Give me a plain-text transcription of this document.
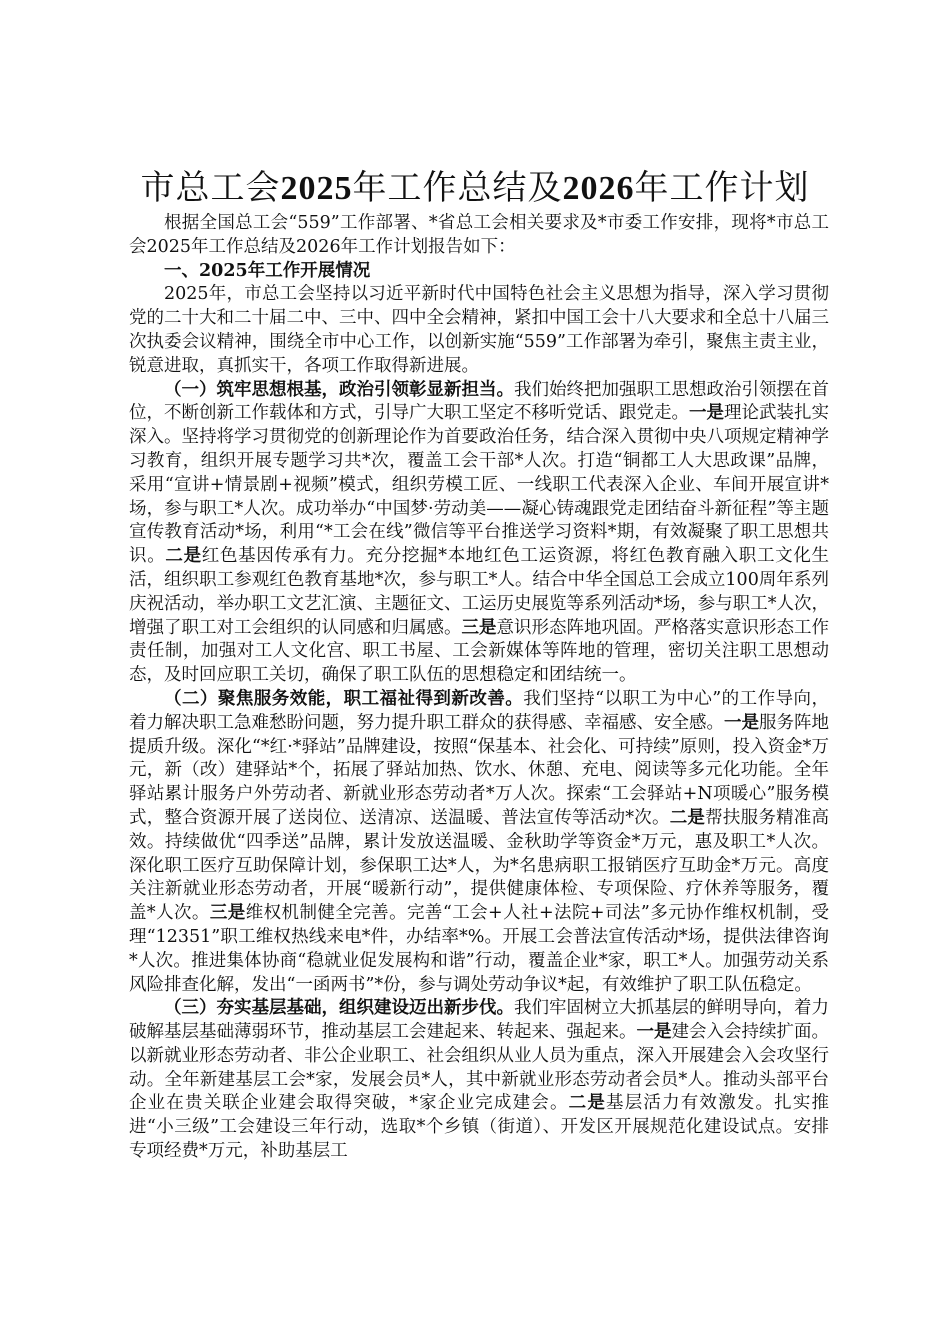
市总工会2025年工作总结及2026年工作计划

根据全国总工会“559”工作部署、*省总工会相关要求及*市委工作安排，现将*市总工会2025年工作总结及2026年工作计划报告如下：

一、2025年工作开展情况

2025年，市总工会坚持以习近平新时代中国特色社会主义思想为指导，深入学习贯彻党的二十大和二十届二中、三中、四中全会精神，紧扣中国工会十八大要求和全总十八届三次执委会议精神，围绕全市中心工作，以创新实施“559”工作部署为牵引，聚焦主责主业，锐意进取，真抓实干，各项工作取得新进展。

（一）筑牢思想根基，政治引领彰显新担当。我们始终把加强职工思想政治引领摆在首位，不断创新工作载体和方式，引导广大职工坚定不移听党话、跟党走。一是理论武装扎实深入。坚持将学习贯彻党的创新理论作为首要政治任务，结合深入贯彻中央八项规定精神学习教育，组织开展专题学习共*次，覆盖工会干部*人次。打造“铜都工人大思政课”品牌，采用“宣讲+情景剧+视频”模式，组织劳模工匠、一线职工代表深入企业、车间开展宣讲*场，参与职工*人次。成功举办“中国梦·劳动美——凝心铸魂跟党走团结奋斗新征程”等主题宣传教育活动*场，利用“*工会在线”微信等平台推送学习资料*期，有效凝聚了职工思想共识。二是红色基因传承有力。充分挖掘*本地红色工运资源，将红色教育融入职工文化生活，组织职工参观红色教育基地*次，参与职工*人。结合中华全国总工会成立100周年系列庆祝活动，举办职工文艺汇演、主题征文、工运历史展览等系列活动*场，参与职工*人次，增强了职工对工会组织的认同感和归属感。三是意识形态阵地巩固。严格落实意识形态工作责任制，加强对工人文化宫、职工书屋、工会新媒体等阵地的管理，密切关注职工思想动态，及时回应职工关切，确保了职工队伍的思想稳定和团结统一。

（二）聚焦服务效能，职工福祉得到新改善。我们坚持“以职工为中心”的工作导向，着力解决职工急难愁盼问题，努力提升职工群众的获得感、幸福感、安全感。一是服务阵地提质升级。深化“*红·*驿站”品牌建设，按照“保基本、社会化、可持续”原则，投入资金*万元，新（改）建驿站*个，拓展了驿站加热、饮水、休憩、充电、阅读等多元化功能。全年驿站累计服务户外劳动者、新就业形态劳动者*万人次。探索“工会驿站+N项暖心”服务模式，整合资源开展了送岗位、送清凉、送温暖、普法宣传等活动*次。二是帮扶服务精准高效。持续做优“四季送”品牌，累计发放送温暖、金秋助学等资金*万元，惠及职工*人次。深化职工医疗互助保障计划，参保职工达*人，为*名患病职工报销医疗互助金*万元。高度关注新就业形态劳动者，开展“暖新行动”，提供健康体检、专项保险、疗休养等服务，覆盖*人次。三是维权机制健全完善。完善“工会+人社+法院+司法”多元协作维权机制，受理“12351”职工维权热线来电*件，办结率*%。开展工会普法宣传活动*场，提供法律咨询*人次。推进集体协商“稳就业促发展构和谐”行动，覆盖企业*家，职工*人。加强劳动关系风险排查化解，发出“一函两书”*份，参与调处劳动争议*起，有效维护了职工队伍稳定。

（三）夯实基层基础，组织建设迈出新步伐。我们牢固树立大抓基层的鲜明导向，着力破解基层基础薄弱环节，推动基层工会建起来、转起来、强起来。一是建会入会持续扩面。以新就业形态劳动者、非公企业职工、社会组织从业人员为重点，深入开展建会入会攻坚行动。全年新建基层工会*家，发展会员*人，其中新就业形态劳动者会员*人。推动头部平台企业在贵关联企业建会取得突破，*家企业完成建会。二是基层活力有效激发。扎实推进“小三级”工会建设三年行动，选取*个乡镇（街道）、开发区开展规范化建设试点。安排专项经费*万元，补助基层工
